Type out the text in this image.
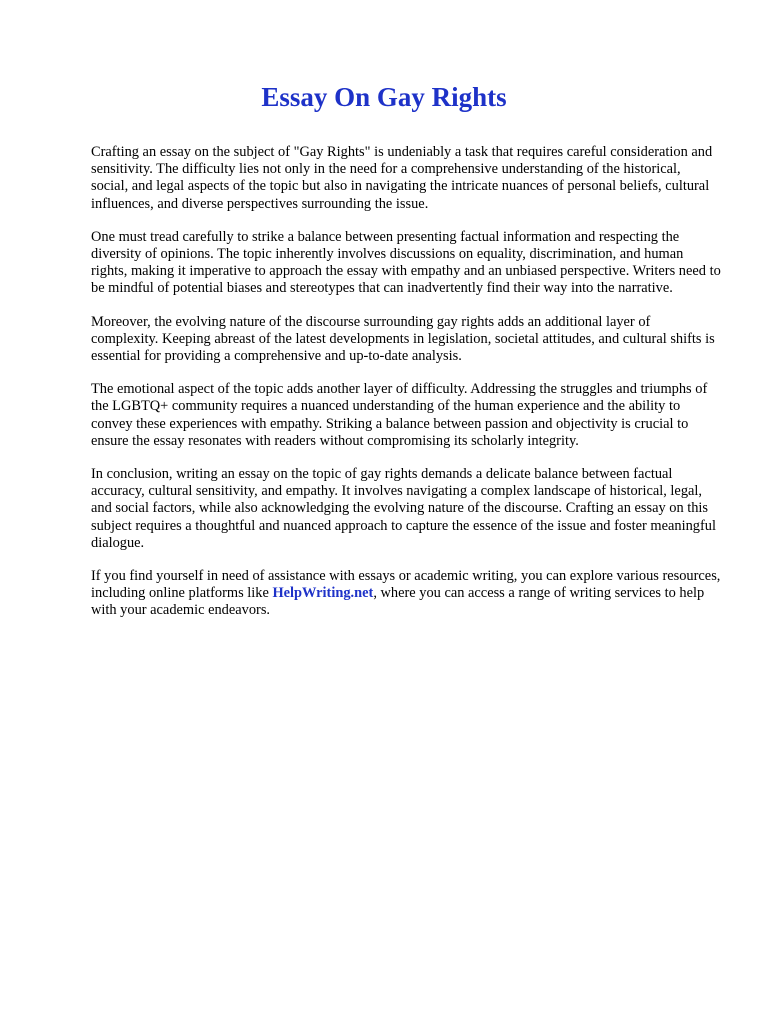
Essay On Gay Rights

Crafting an essay on the subject of "Gay Rights" is undeniably a task that requires careful consideration and sensitivity. The difficulty lies not only in the need for a comprehensive understanding of the historical, social, and legal aspects of the topic but also in navigating the intricate nuances of personal beliefs, cultural influences, and diverse perspectives surrounding the issue.

One must tread carefully to strike a balance between presenting factual information and respecting the diversity of opinions. The topic inherently involves discussions on equality, discrimination, and human rights, making it imperative to approach the essay with empathy and an unbiased perspective. Writers need to be mindful of potential biases and stereotypes that can inadvertently find their way into the narrative.

Moreover, the evolving nature of the discourse surrounding gay rights adds an additional layer of complexity. Keeping abreast of the latest developments in legislation, societal attitudes, and cultural shifts is essential for providing a comprehensive and up-to-date analysis.

The emotional aspect of the topic adds another layer of difficulty. Addressing the struggles and triumphs of the LGBTQ+ community requires a nuanced understanding of the human experience and the ability to convey these experiences with empathy. Striking a balance between passion and objectivity is crucial to ensure the essay resonates with readers without compromising its scholarly integrity.

In conclusion, writing an essay on the topic of gay rights demands a delicate balance between factual accuracy, cultural sensitivity, and empathy. It involves navigating a complex landscape of historical, legal, and social factors, while also acknowledging the evolving nature of the discourse. Crafting an essay on this subject requires a thoughtful and nuanced approach to capture the essence of the issue and foster meaningful dialogue.

If you find yourself in need of assistance with essays or academic writing, you can explore various resources, including online platforms like HelpWriting.net, where you can access a range of writing services to help with your academic endeavors.
